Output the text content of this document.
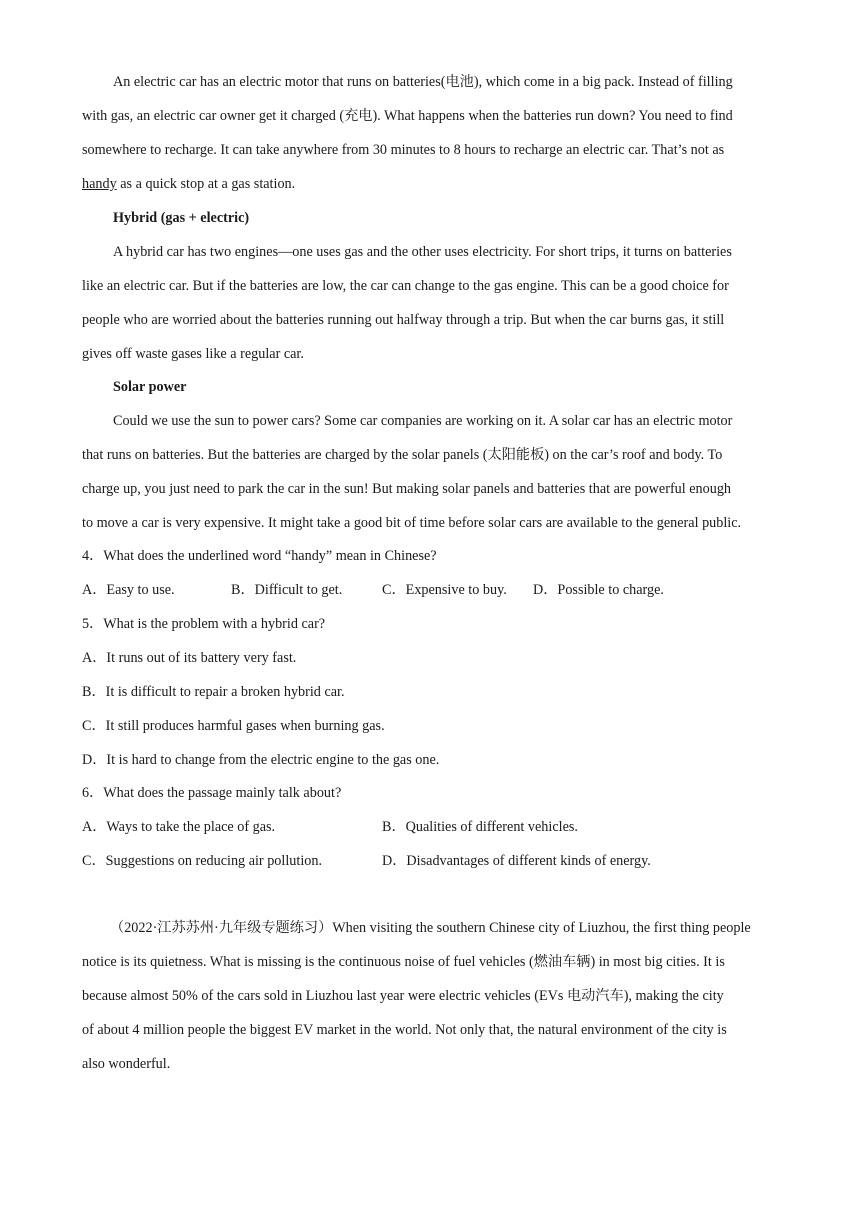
An electric car has an electric motor that runs on batteries(电池), which come in a big pack. Instead of filling
with gas, an electric car owner get it charged (充电). What happens when the batteries run down? You need to find
somewhere to recharge. It can take anywhere from 30 minutes to 8 hours to recharge an electric car. That’s not as
handy as a quick stop at a gas station.
Hybrid (gas + electric)
A hybrid car has two engines—one uses gas and the other uses electricity. For short trips, it turns on batteries
like an electric car. But if the batteries are low, the car can change to the gas engine. This can be a good choice for
people who are worried about the batteries running out halfway through a trip. But when the car burns gas, it still
gives off waste gases like a regular car.
Solar power
Could we use the sun to power cars? Some car companies are working on it. A solar car has an electric motor
that runs on batteries. But the batteries are charged by the solar panels (太阳能板) on the car’s roof and body. To
charge up, you just need to park the car in the sun! But making solar panels and batteries that are powerful enough
to move a car is very expensive. It might take a good bit of time before solar cars are available to the general public.
4．What does the underlined word “handy” mean in Chinese?
A．Easy to use.	B．Difficult to get.	C．Expensive to buy. D．Possible to charge.
5．What is the problem with a hybrid car?
A．It runs out of its battery very fast.
B．It is difficult to repair a broken hybrid car.
C．It still produces harmful gases when burning gas.
D．It is hard to change from the electric engine to the gas one.
6．What does the passage mainly talk about?
A．Ways to take the place of gas.	B．Qualities of different vehicles.
C．Suggestions on reducing air pollution.	D．Disadvantages of different kinds of energy.
（2022·江苏苏州·九年级专题练习）When visiting the southern Chinese city of Liuzhou, the first thing people
notice is its quietness. What is missing is the continuous noise of fuel vehicles (燃油车辆) in most big cities. It is
because almost 50% of the cars sold in Liuzhou last year were electric vehicles (EVs 电动汽车), making the city
of about 4 million people the biggest EV market in the world. Not only that, the natural environment of the city is
also wonderful.
